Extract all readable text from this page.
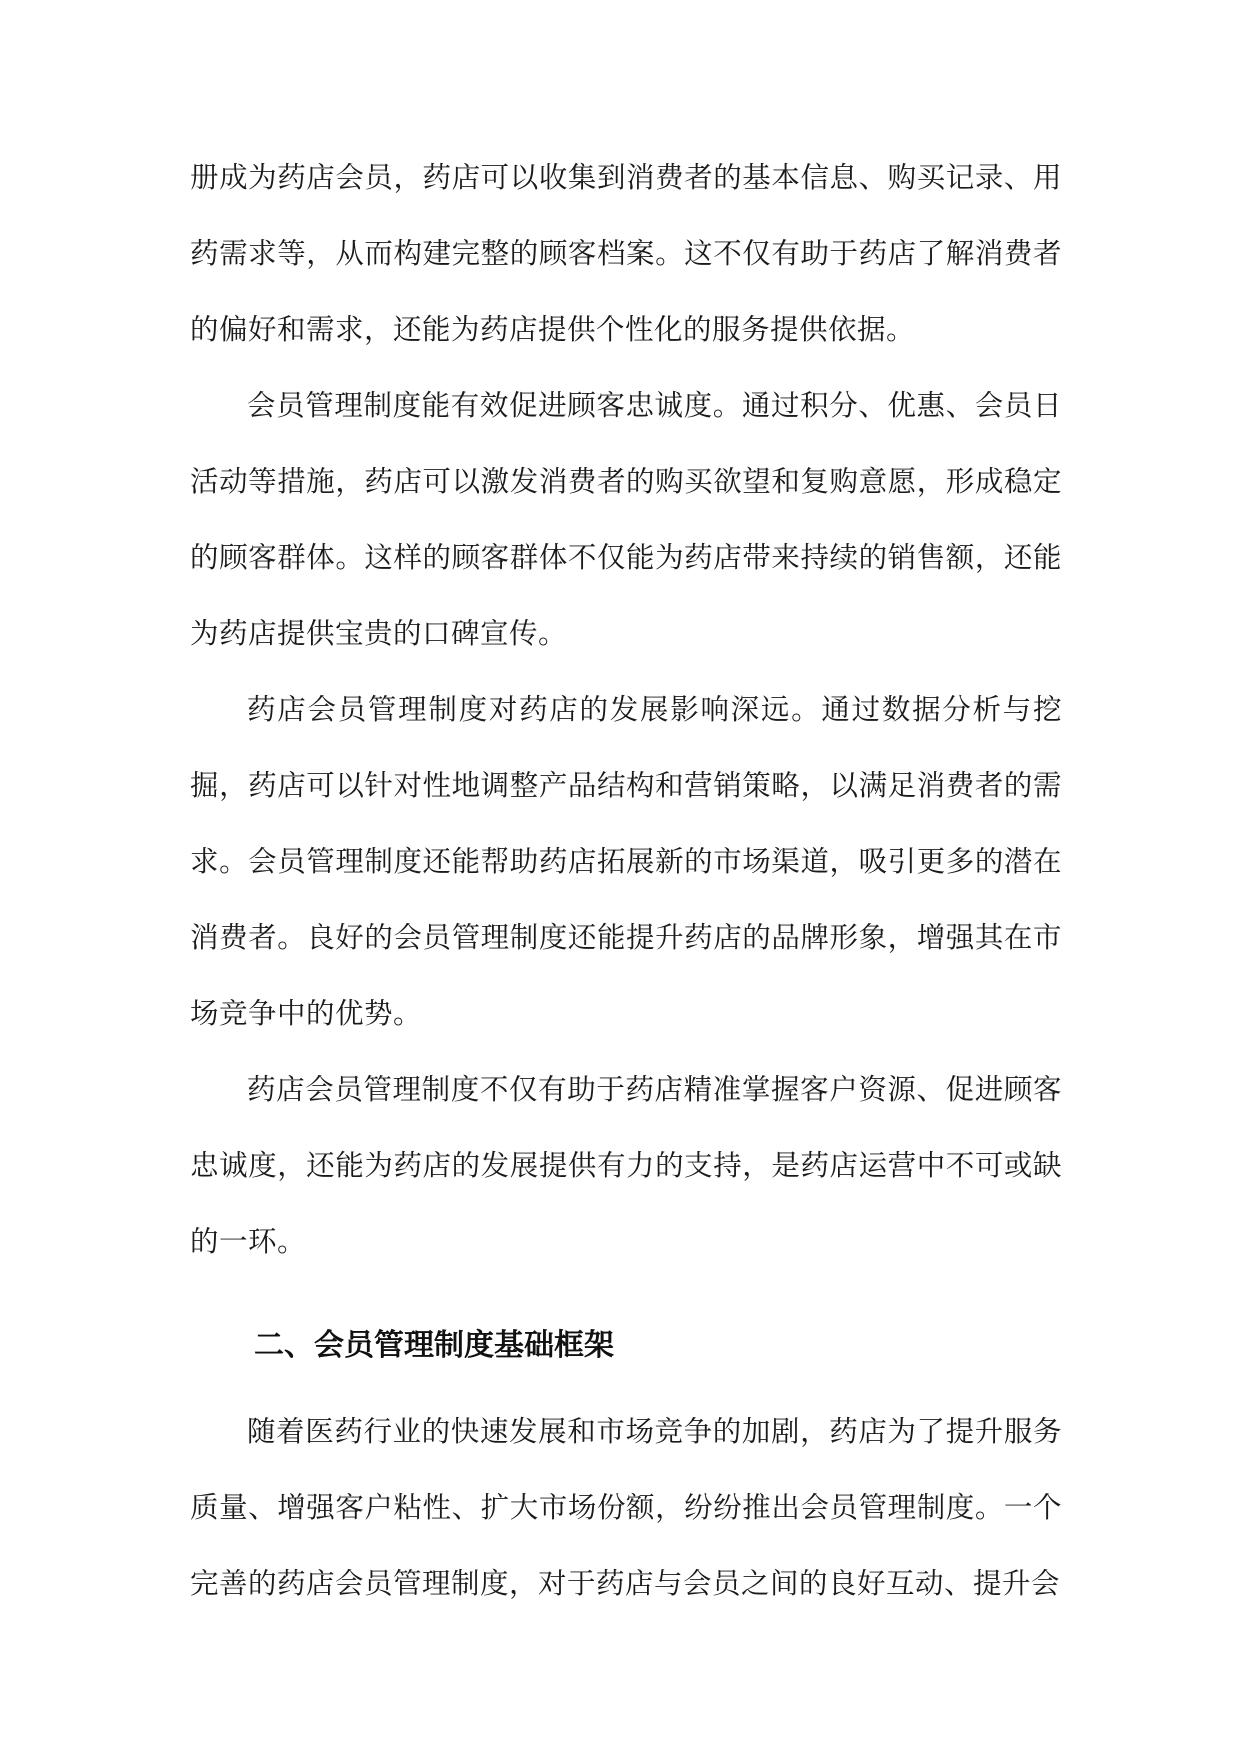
册成为药店会员，药店可以收集到消费者的基本信息、购买记录、用药需求等，从而构建完整的顾客档案。这不仅有助于药店了解消费者的偏好和需求，还能为药店提供个性化的服务提供依据。

会员管理制度能有效促进顾客忠诚度。通过积分、优惠、会员日活动等措施，药店可以激发消费者的购买欲望和复购意愿，形成稳定的顾客群体。这样的顾客群体不仅能为药店带来持续的销售额，还能为药店提供宝贵的口碑宣传。

药店会员管理制度对药店的发展影响深远。通过数据分析与挖掘，药店可以针对性地调整产品结构和营销策略，以满足消费者的需求。会员管理制度还能帮助药店拓展新的市场渠道，吸引更多的潜在消费者。良好的会员管理制度还能提升药店的品牌形象，增强其在市场竞争中的优势。

药店会员管理制度不仅有助于药店精准掌握客户资源、促进顾客忠诚度，还能为药店的发展提供有力的支持，是药店运营中不可或缺的一环。

二、会员管理制度基础框架

随着医药行业的快速发展和市场竞争的加剧，药店为了提升服务质量、增强客户粘性、扩大市场份额，纷纷推出会员管理制度。一个完善的药店会员管理制度，对于药店与会员之间的良好互动、提升会
